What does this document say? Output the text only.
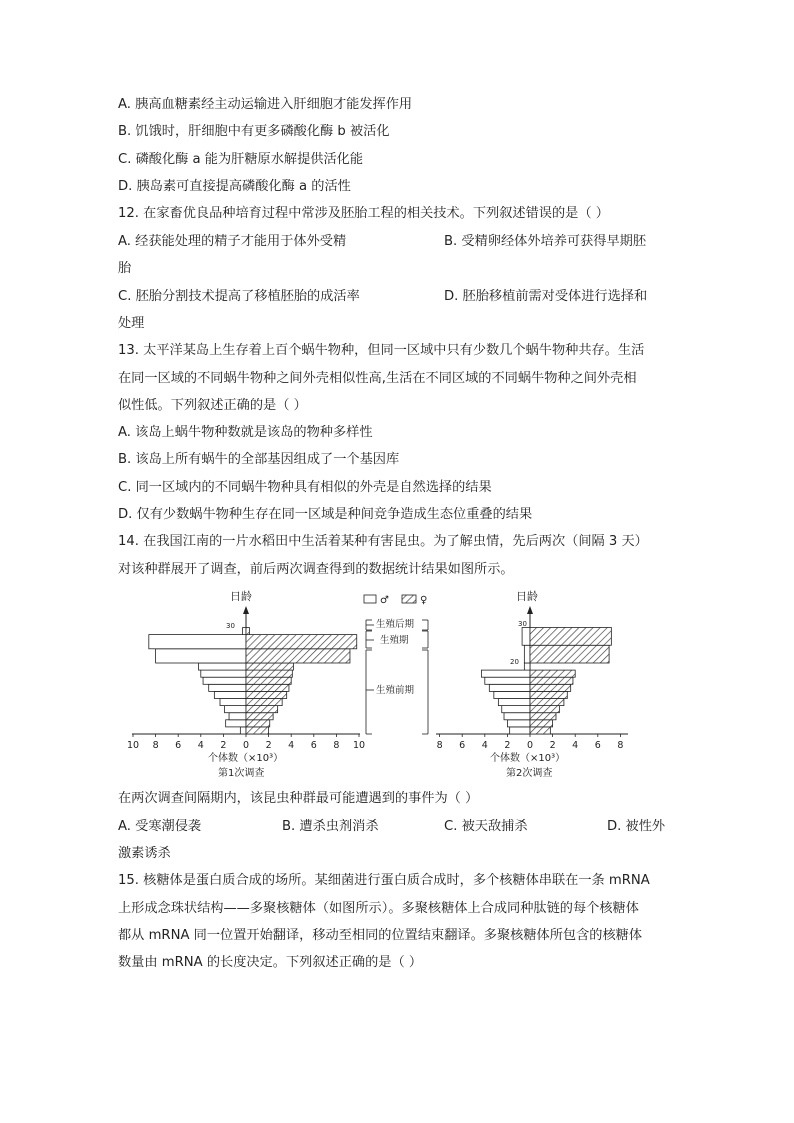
A. 胰高血糖素经主动运输进入肝细胞才能发挥作用
B. 饥饿时，肝细胞中有更多磷酸化酶 b 被活化
C. 磷酸化酶 a 能为肝糖原水解提供活化能
D. 胰岛素可直接提高磷酸化酶 a 的活性
12. 在家畜优良品种培育过程中常涉及胚胎工程的相关技术。下列叙述错误的是（ ）
A. 经获能处理的精子才能用于体外受精	B. 受精卵经体外培养可获得早期胚
胎
C. 胚胎分割技术提高了移植胚胎的成活率	D. 胚胎移植前需对受体进行选择和
处理
13. 太平洋某岛上生存着上百个蜗牛物种，但同一区域中只有少数几个蜗牛物种共存。生活
在同一区域的不同蜗牛物种之间外壳相似性高,生活在不同区域的不同蜗牛物种之间外壳相
似性低。下列叙述正确的是（ ）
A. 该岛上蜗牛物种数就是该岛的物种多样性
B. 该岛上所有蜗牛的全部基因组成了一个基因库
C. 同一区域内的不同蜗牛物种具有相似的外壳是自然选择的结果
D. 仅有少数蜗牛物种生存在同一区域是种间竞争造成生态位重叠的结果
14. 在我国江南的一片水稻田中生活着某种有害昆虫。为了解虫情，先后两次（间隔 3 天）
对该种群展开了调查，前后两次调查得到的数据统计结果如图所示。
日龄
30
10 8 6 4 2 0 2 4 6 8 10
个体数（×10³）
第1次调查
♂	♀
生殖后期
生殖期
生殖前期
日龄
20
30
8 6 4 2 0 2 4 6 8
个体数（×10³）
第2次调查
在两次调查间隔期内，该昆虫种群最可能遭遇到的事件为（ ）
A. 受寒潮侵袭	B. 遭杀虫剂消杀	C. 被天敌捕杀	D. 被性外
激素诱杀
15. 核糖体是蛋白质合成的场所。某细菌进行蛋白质合成时，多个核糖体串联在一条 mRNA
上形成念珠状结构——多聚核糖体（如图所示）。多聚核糖体上合成同种肽链的每个核糖体
都从 mRNA 同一位置开始翻译，移动至相同的位置结束翻译。多聚核糖体所包含的核糖体
数量由 mRNA 的长度决定。下列叙述正确的是（ ）
